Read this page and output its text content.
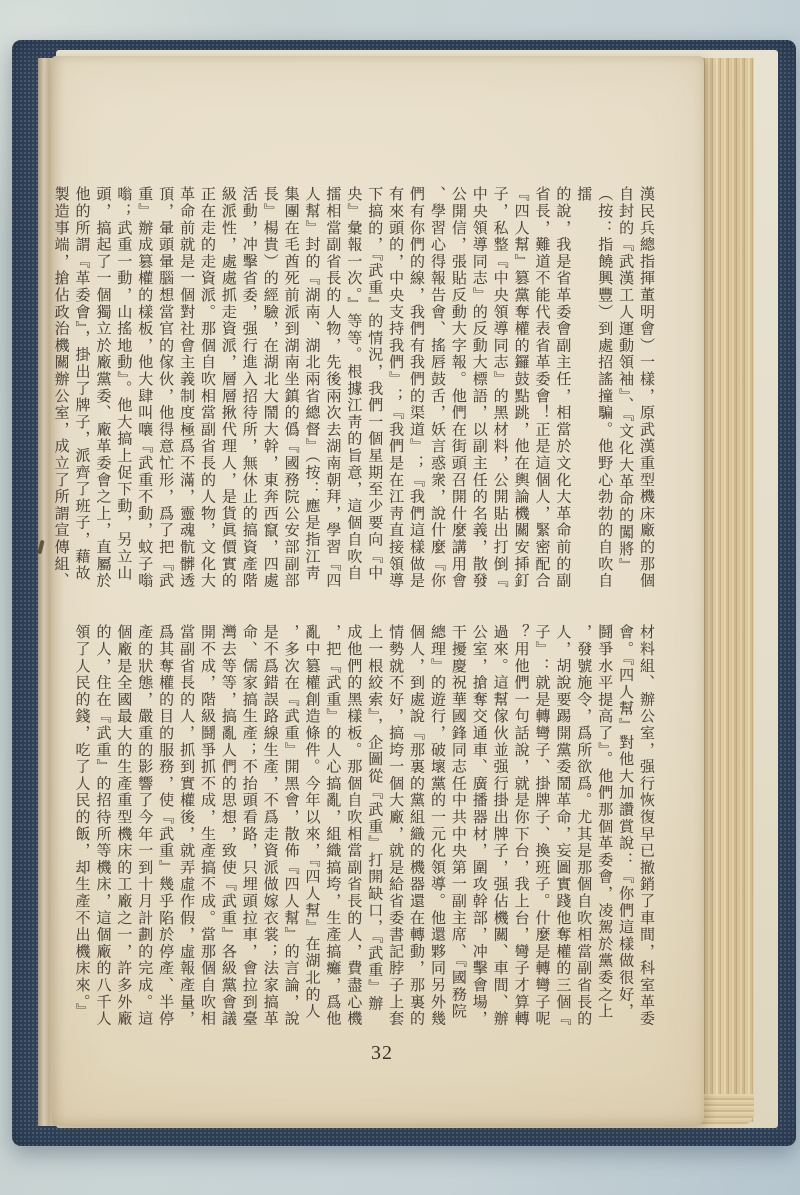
漢民兵總指揮董明會）一樣，原武漢重型機床廠的那個
自封的『武漢工人運動領袖』、『文化大革命的闖將』
（按：指饒興豐）到處招謠撞騙。他野心勃勃的自吹自擂
的說，我是省革委會副主任，相當於文化大革命前的副
省長，難道不能代表省革委會！正是這個人，緊密配合
『四人幫』篡黨奪權的鑼鼓點跳，他在輿論機關安揷釘
子，私整『中央領導同志』的黑材料，公開貼出打倒『
中央領導同志』的反動大標語，以副主任的名義，散發
公開信，張貼反動大字報。他們在街頭召開什麼講用會
、學習心得報告會、搖唇鼓舌，妖言惑衆，說什麼『你
們有你們的線，我們有我們的渠道』；『我們這樣做是
有來頭的，中央支持我們』；『我們是在江靑直接領導
下搞的，『武重』的情況，我們一個星期至少要向『中
央』彙報一次。』等等。根據江靑的旨意，這個自吹自
擂相當副省長的人物，先後兩次去湖南朝拜，學習『四
人幫』封的『湖南、湖北兩省總督』（按：應是指江靑
集團在毛酋死前派到湖南坐鎮的僞『國務院公安部副部
長』楊貴）的經驗，在湖北大鬧大幹，東奔西竄，四處
活動，冲擊省委，强行進入招待所，無休止的搞資產階
級派性，處處抓走資派，層層揪代理人，是貨眞價實的
正在走的走資派。那個自吹相當副省長的人物，文化大
革命前就是一個對社會主義制度極爲不滿，靈魂骯髒透
頂，暈頭暈腦想當官的傢伙，他得意忙形，爲了把『武
重』辦成篡權的樣板，他大肆叫嚷『武重不動，蚊子嗡
嗡；武重一動，山搖地動』。他大搞上促下動，另立山
頭，搞起了一個獨立於廠黨委、廠革委會之上，直屬於
他的所謂『革委會』，掛出了牌子，派齊了班子，藉故
製造事端，搶佔政治機關辦公室，成立了所謂宣傳組、
材料組、辦公室，强行恢復早已撤銷了車間，科室革委
會。『四人幫』對他大加讚賞說：『你們這樣做很好，
鬪爭水平提高了』。他們那個革委會，凌駕於黨委之上
，發號施令，爲所欲爲。尤其是那個自吹相當副省長的
人，胡說要踢開黨委鬧革命，妄圖實踐他奪權的三個『
子』：就是轉彎子、掛牌子、換班子。什麼是轉彎子呢
？用他們一句話說，就是你下台，我上台，彎子才算轉
過來。這幫傢伙並强行掛出牌子，强佔機關、車間、辦
公室，搶奪交通車、廣播器材，圍攻幹部，冲擊會場，
干擾慶祝華國鋒同志任中共中央第一副主席、『國務院
總理』的遊行，破壞黨的一元化領導。他還夥同另外幾
個人，到處說『那裏的黨組織的機器還在轉動，那裏的
情勢就不好，搞垮一個大廠，就是給省委書記脖子上套
上一根絞索』，企圖從『武重』打開缺口，『武重』辦
成他們的黑樣板。那個自吹相當副省長的人，費盡心機
，把『武重』的人心搞亂，組織搞垮，生產搞癱，爲他
亂中篡權創造條件。今年以來，『四人幫』在湖北的人
，多次在『武重』開黑會，散佈『四人幫』的言論，說
是不爲錯誤路線生產，不爲走資派做嫁衣裳；法家搞革
命、儒家搞生產；不抬頭看路，只埋頭拉車，會拉到臺
灣去等等，搞亂人們的思想，致使『武重』各級黨會議
開不成，階級鬪爭抓不成，生產搞不成。當那個自吹相
當副省長的人，抓到實權後，就弄虛作假，虛報產量，
爲其奪權的目的服務，使『武重』幾乎陷於停產、半停
產的狀態，嚴重的影響了今年一到十月計劃的完成。這
個廠是全國最大的生產重型機床的工廠之一，許多外廠
的人，住在『武重』的招待所等機床，這個廠的八千人
領了人民的錢，吃了人民的飯，却生產不出機床來。』
32
